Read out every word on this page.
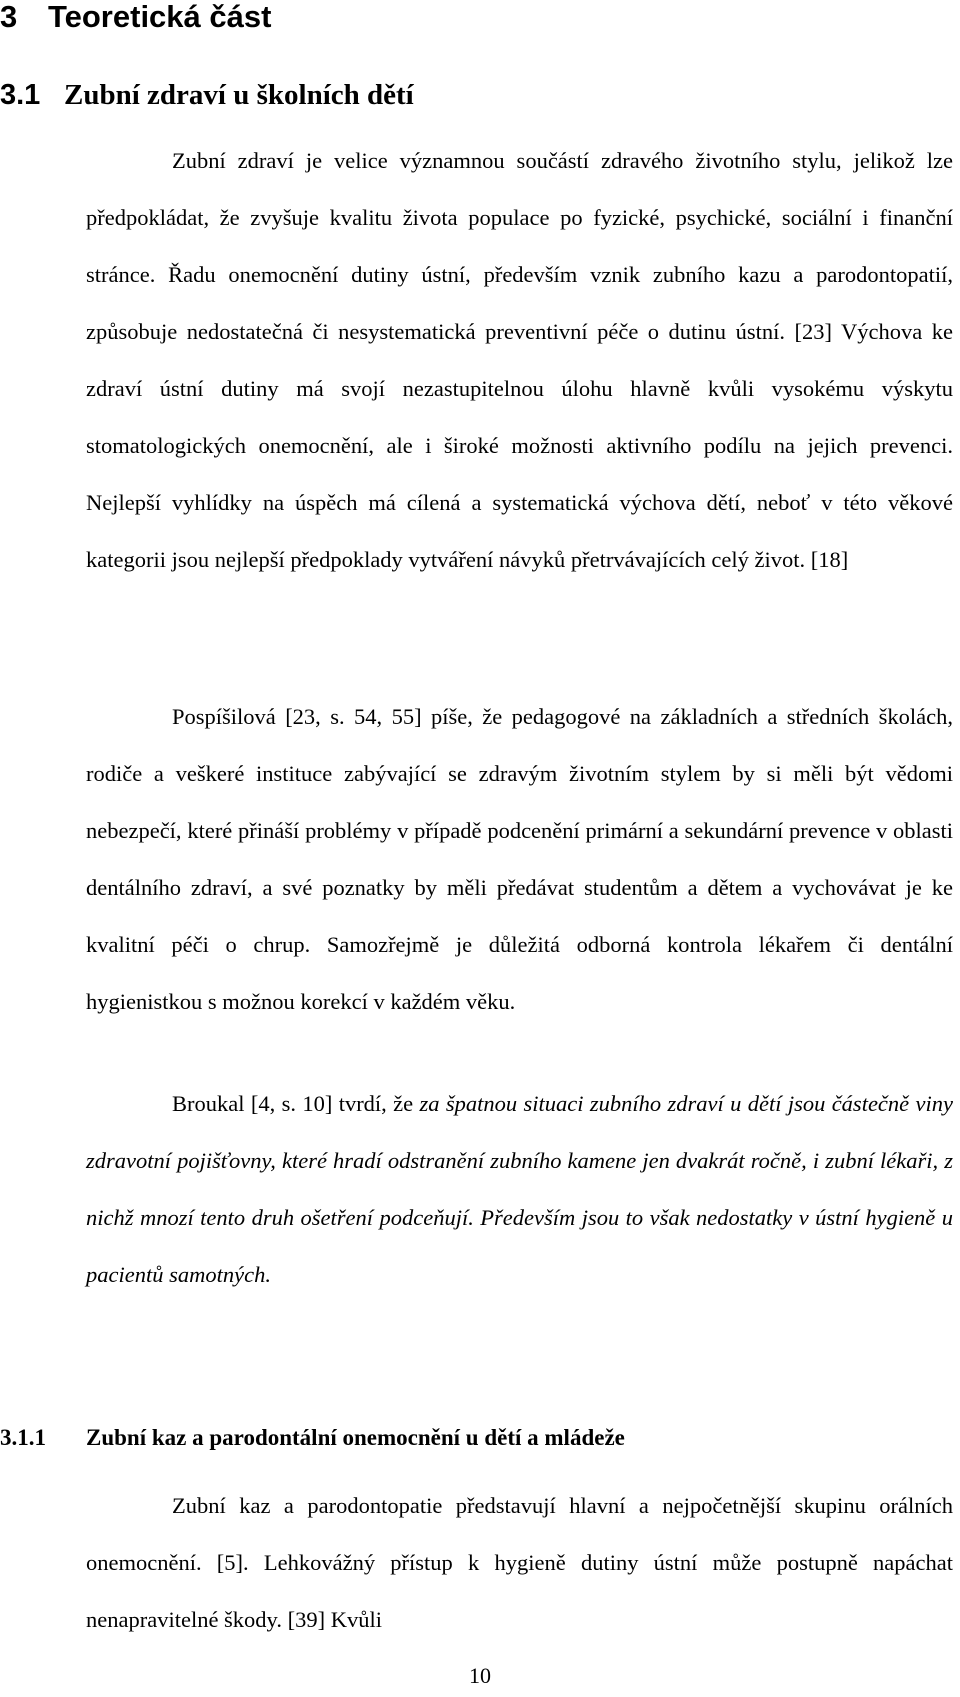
3 Teoretická část
3.1 Zubní zdraví u školních dětí

Zubní zdraví je velice významnou součástí zdravého životního stylu, jelikož lze předpokládat, že zvyšuje kvalitu života populace po fyzické, psychické, sociální i finanční stránce. Řadu onemocnění dutiny ústní, především vznik zubního kazu a parodontopatií, způsobuje nedostatečná či nesystematická preventivní péče o dutinu ústní. [23] Výchova ke zdraví ústní dutiny má svojí nezastupitelnou úlohu hlavně kvůli vysokému výskytu stomatologických onemocnění, ale i široké možnosti aktivního podílu na jejich prevenci. Nejlepší vyhlídky na úspěch má cílená a systematická výchova dětí, neboť v této věkové kategorii jsou nejlepší předpoklady vytváření návyků přetrvávajících celý život. [18]

Pospíšilová [23, s. 54, 55] píše, že pedagogové na základních a středních školách, rodiče a veškeré instituce zabývající se zdravým životním stylem by si měli být vědomi nebezpečí, které přináší problémy v případě podcenění primární a sekundární prevence v oblasti dentálního zdraví, a své poznatky by měli předávat studentům a dětem a vychovávat je ke kvalitní péči o chrup. Samozřejmě je důležitá odborná kontrola lékařem či dentální hygienistkou s možnou korekcí v každém věku.

Broukal [4, s. 10] tvrdí, že za špatnou situaci zubního zdraví u dětí jsou částečně viny zdravotní pojišťovny, které hradí odstranění zubního kamene jen dvakrát ročně, i zubní lékaři, z nichž mnozí tento druh ošetření podceňují. Především jsou to však nedostatky v ústní hygieně u pacientů samotných.

3.1.1 Zubní kaz a parodontální onemocnění u dětí a mládeže

Zubní kaz a parodontopatie představují hlavní a nejpočetnější skupinu orálních onemocnění. [5]. Lehkovážný přístup k hygieně dutiny ústní může postupně napáchat nenapravitelné škody. [39] Kvůli

10
